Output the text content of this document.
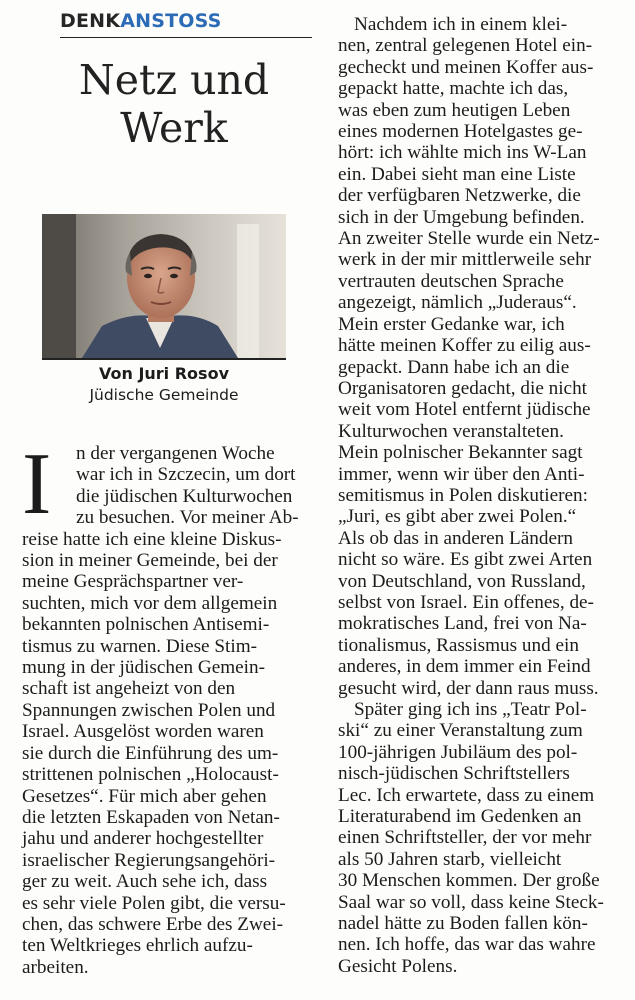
DENKANSTOSS
Netz und
Werk
Von Juri Rosov
Jüdische Gemeinde
I	n der vergangenen Woche
war ich in Szczecin, um dort
die jüdischen Kulturwochen
zu besuchen. Vor meiner Ab-
reise hatte ich eine kleine Diskus-
sion in meiner Gemeinde, bei der
meine Gesprächspartner ver-
suchten, mich vor dem allgemein
bekannten polnischen Antisemi-
tismus zu warnen. Diese Stim-
mung in der jüdischen Gemein-
schaft ist angeheizt von den
Spannungen zwischen Polen und
Israel. Ausgelöst worden waren
sie durch die Einführung des um-
strittenen polnischen „Holocaust-
Gesetzes“. Für mich aber gehen
die letzten Eskapaden von Netan-
jahu und anderer hochgestellter
israelischer Regierungsangehöri-
ger zu weit. Auch sehe ich, dass
es sehr viele Polen gibt, die versu-
chen, das schwere Erbe des Zwei-
ten Weltkrieges ehrlich aufzu-
arbeiten.
Nachdem ich in einem klei-
nen, zentral gelegenen Hotel ein-
gecheckt und meinen Koffer aus-
gepackt hatte, machte ich das,
was eben zum heutigen Leben
eines modernen Hotelgastes ge-
hört: ich wählte mich ins W-Lan
ein. Dabei sieht man eine Liste
der verfügbaren Netzwerke, die
sich in der Umgebung befinden.
An zweiter Stelle wurde ein Netz-
werk in der mir mittlerweile sehr
vertrauten deutschen Sprache
angezeigt, nämlich „Juderaus“.
Mein erster Gedanke war, ich
hätte meinen Koffer zu eilig aus-
gepackt. Dann habe ich an die
Organisatoren gedacht, die nicht
weit vom Hotel entfernt jüdische
Kulturwochen veranstalteten.
Mein polnischer Bekannter sagt
immer, wenn wir über den Anti-
semitismus in Polen diskutieren:
„Juri, es gibt aber zwei Polen.“
Als ob das in anderen Ländern
nicht so wäre. Es gibt zwei Arten
von Deutschland, von Russland,
selbst von Israel. Ein offenes, de-
mokratisches Land, frei von Na-
tionalismus, Rassismus und ein
anderes, in dem immer ein Feind
gesucht wird, der dann raus muss.
Später ging ich ins „Teatr Pol-
ski“ zu einer Veranstaltung zum
100-jährigen Jubiläum des pol-
nisch-jüdischen Schriftstellers
Lec. Ich erwartete, dass zu einem
Literaturabend im Gedenken an
einen Schriftsteller, der vor mehr
als 50 Jahren starb, vielleicht
30 Menschen kommen. Der große
Saal war so voll, dass keine Steck-
nadel hätte zu Boden fallen kön-
nen. Ich hoffe, das war das wahre
Gesicht Polens.
